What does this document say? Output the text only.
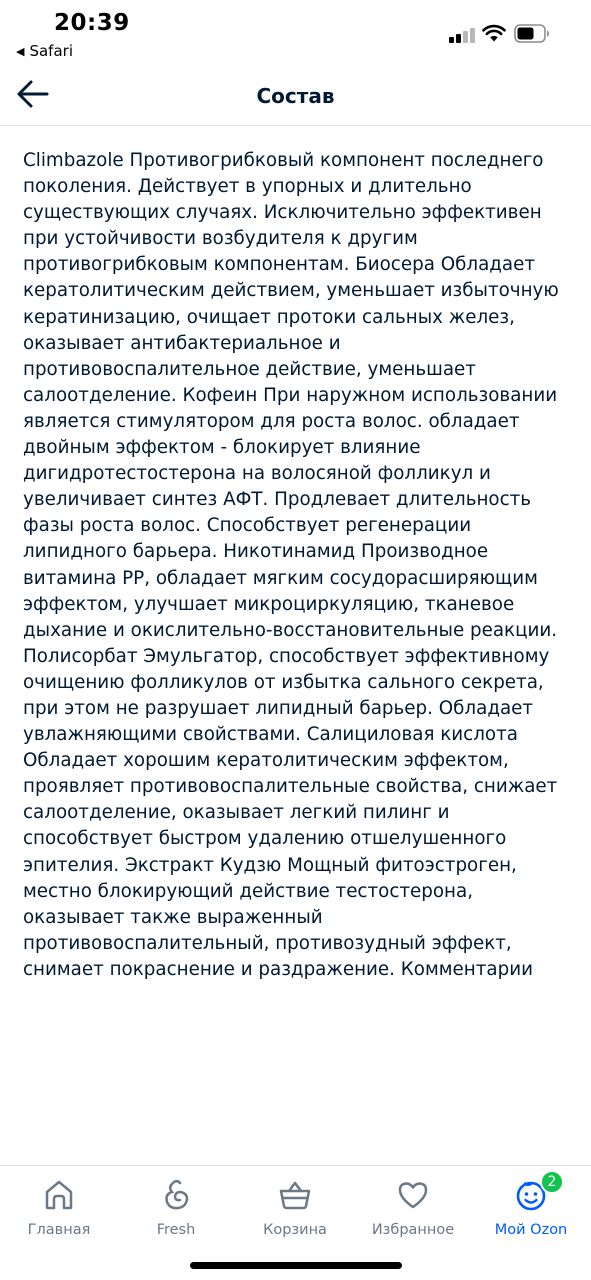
20:39
◀ Safari
Состав

Climbazole Противогрибковый компонент последнего поколения. Действует в упорных и длительно существующих случаях. Исключительно эффективен при устойчивости возбудителя к другим противогрибковым компонентам. Биосера Обладает кератолитическим действием, уменьшает избыточную кератинизацию, очищает протоки сальных желез, оказывает антибактериальное и противовоспалительное действие, уменьшает салоотделение. Кофеин При наружном использовании является стимулятором для роста волос. обладает двойным эффектом - блокирует влияние дигидротестостерона на волосяной фолликул и увеличивает синтез АФТ. Продлевает длительность фазы роста волос. Способствует регенерации липидного барьера. Никотинамид Производное витамина PP, обладает мягким сосудорасширяющим эффектом, улучшает микроциркуляцию, тканевое дыхание и окислительно-восстановительные реакции. Полисорбат Эмульгатор, способствует эффективному очищению фолликулов от избытка сального секрета, при этом не разрушает липидный барьер. Обладает увлажняющими свойствами. Салициловая кислота Обладает хорошим кератолитическим эффектом, проявляет противовоспалительные свойства, снижает салоотделение, оказывает легкий пилинг и способствует быстром удалению отшелушенного эпителия. Экстракт Кудзю Мощный фитоэстроген, местно блокирующий действие тестостерона, оказывает также выраженный противовоспалительный, противозудный эффект, снимает покраснение и раздражение. Комментарии

Главная	Fresh	Корзина	Избранное
2
Мой Ozon
